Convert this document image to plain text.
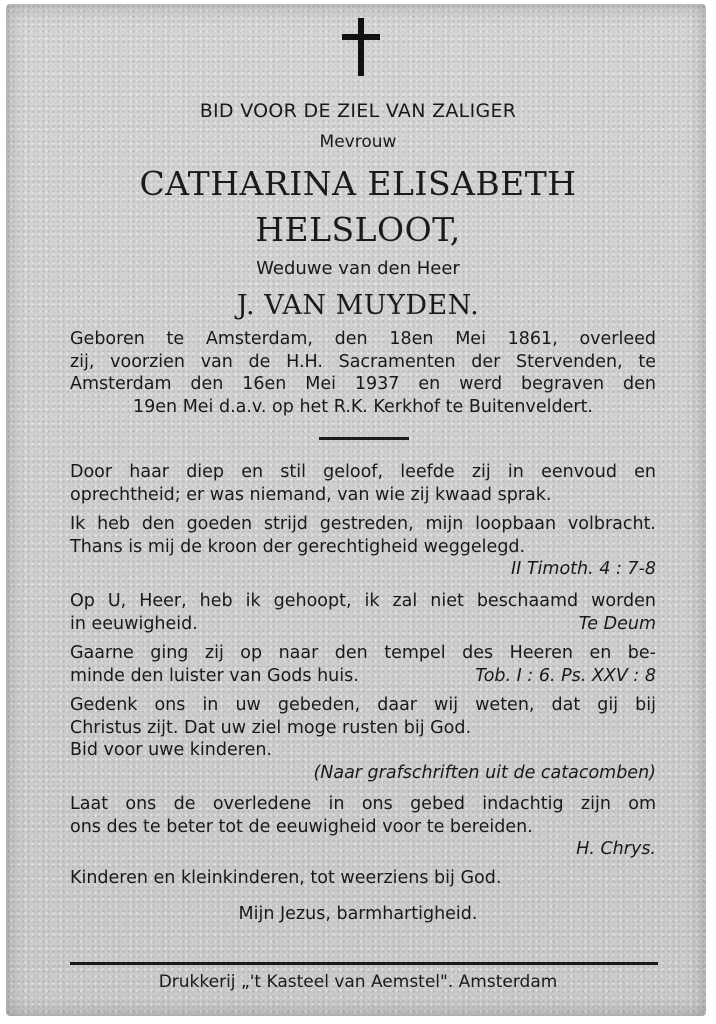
BID VOOR DE ZIEL VAN ZALIGER
Mevrouw
CATHARINA ELISABETH
HELSLOOT,
Weduwe van den Heer
J. VAN MUYDEN.
Geboren te Amsterdam, den 18en Mei 1861, overleed
zij, voorzien van de H.H. Sacramenten der Stervenden, te
Amsterdam den 16en Mei 1937 en werd begraven den
19en Mei d.a.v. op het R.K. Kerkhof te Buitenveldert.
Door haar diep en stil geloof, leefde zij in eenvoud en
oprechtheid; er was niemand, van wie zij kwaad sprak.
Ik heb den goeden strijd gestreden, mijn loopbaan volbracht.
Thans is mij de kroon der gerechtigheid weggelegd.
II Timoth. 4 : 7-8
Op U, Heer, heb ik gehoopt, ik zal niet beschaamd worden
in eeuwigheid.	Te Deum
Gaarne ging zij op naar den tempel des Heeren en be-
minde den luister van Gods huis.	Tob. I : 6. Ps. XXV : 8
Gedenk ons in uw gebeden, daar wij weten, dat gij bij
Christus zijt. Dat uw ziel moge rusten bij God.
Bid voor uwe kinderen.
(Naar grafschriften uit de catacomben)
Laat ons de overledene in ons gebed indachtig zijn om
ons des te beter tot de eeuwigheid voor te bereiden.
H. Chrys.
Kinderen en kleinkinderen, tot weerziens bij God.
Mijn Jezus, barmhartigheid.
Drukkerij „'t Kasteel van Aemstel". Amsterdam
